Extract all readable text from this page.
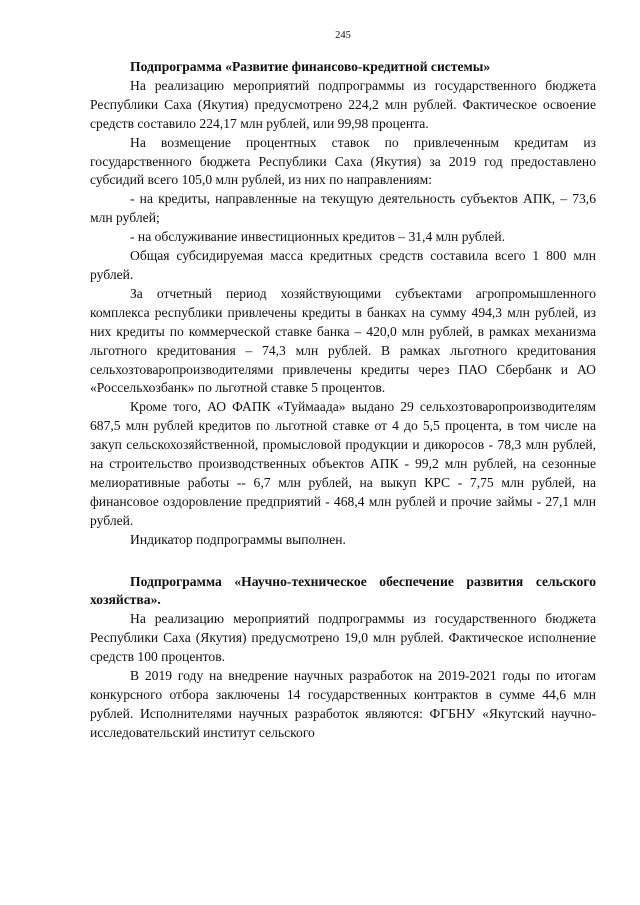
245

Подпрограмма «Развитие финансово-кредитной системы»

На реализацию мероприятий подпрограммы из государственного бюджета Республики Саха (Якутия) предусмотрено 224,2 млн рублей. Фактическое освоение средств составило 224,17 млн рублей, или 99,98 процента.

На возмещение процентных ставок по привлеченным кредитам из государственного бюджета Республики Саха (Якутия) за 2019 год предоставлено субсидий всего 105,0 млн рублей, из них по направлениям:

- на кредиты, направленные на текущую деятельность субъектов АПК, – 73,6 млн рублей;

- на обслуживание инвестиционных кредитов – 31,4 млн рублей.

Общая субсидируемая масса кредитных средств составила всего 1 800 млн рублей.

За отчетный период хозяйствующими субъектами агропромышленного комплекса республики привлечены кредиты в банках на сумму 494,3 млн рублей, из них кредиты по коммерческой ставке банка – 420,0 млн рублей, в рамках механизма льготного кредитования – 74,3 млн рублей. В рамках льготного кредитования сельхозтоваропроизводителями привлечены кредиты через ПАО Сбербанк и АО «Россельхозбанк» по льготной ставке 5 процентов.

Кроме того, АО ФАПК «Туймаада» выдано 29 сельхозтоваропроизводителям 687,5 млн рублей кредитов по льготной ставке от 4 до 5,5 процента, в том числе на закуп сельскохозяйственной, промысловой продукции и дикоросов - 78,3 млн рублей, на строительство производственных объектов АПК - 99,2 млн рублей, на сезонные мелиоративные работы -- 6,7 млн рублей, на выкуп КРС - 7,75 млн рублей, на финансовое оздоровление предприятий - 468,4 млн рублей и прочие займы - 27,1 млн рублей.

Индикатор подпрограммы выполнен.

Подпрограмма «Научно-техническое обеспечение развития сельского хозяйства».

На реализацию мероприятий подпрограммы из государственного бюджета Республики Саха (Якутия) предусмотрено 19,0 млн рублей. Фактическое исполнение средств 100 процентов.

В 2019 году на внедрение научных разработок на 2019-2021 годы по итогам конкурсного отбора заключены 14 государственных контрактов в сумме 44,6 млн рублей. Исполнителями научных разработок являются: ФГБНУ «Якутский научно-исследовательский институт сельского
